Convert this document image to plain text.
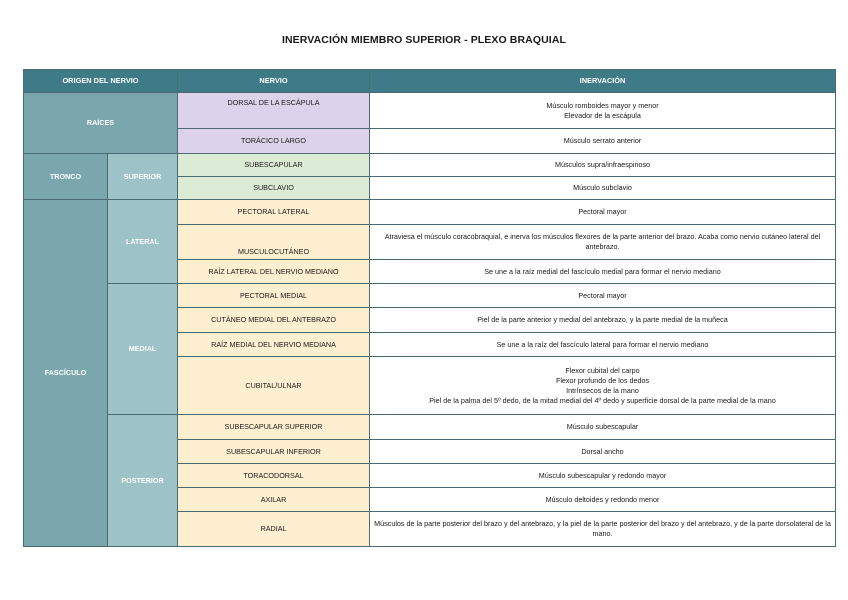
INERVACIÓN MIEMBRO SUPERIOR - PLEXO BRAQUIAL
ORIGEN DEL NERVIO		NERVIO	INERVACIÓN
RAÍCES		DORSAL DE LA ESCÁPULA	Músculo romboides mayor y menor
Elevador de la escápula

		TORÁCICO LARGO	Músculo serrato anterior

TRONCO	SUPERIOR	SUBESCAPULAR	Músculos supra/infraespinoso

		SUBCLAVIO	Músculo subclavio

FASCÍCULO	LATERAL	PECTORAL LATERAL	Pectoral mayor

		MUSCULOCUTÁNEO	Atraviesa el músculo coracobraquial, e inerva los músculos flexores de la parte anterior del brazo. Acaba como nervio cutáneo lateral del antebrazo.

		RAÍZ LATERAL DEL NERVIO MEDIANO	Se une a la raíz medial del fascículo medial para formar el nervio mediano

	MEDIAL	PECTORAL MEDIAL	Pectoral mayor

		CUTÁNEO MEDIAL DEL ANTEBRAZO	Piel de la parte anterior y medial del antebrazo, y la parte medial de la muñeca

		RAÍZ MEDIAL DEL NERVIO MEDIANA	Se une a la raíz del fascículo lateral para formar el nervio mediano

		CUBITAL/ULNAR	Flexor cubital del carpo
Flexor profundo de los dedos
Intrínsecos de la mano
Piel de la palma del 5º dedo, de la mitad medial del 4º dedo y superficie dorsal de la parte medial de la mano

	POSTERIOR	SUBESCAPULAR SUPERIOR	Músculo subescapular

		SUBESCAPULAR INFERIOR	Dorsal ancho

		TORACODORSAL	Músculo subescapular y redondo mayor

		AXILAR	Músculo deltoides y redondo menor

		RADIAL	Músculos de la parte posterior del brazo y del antebrazo, y la piel de la parte posterior del brazo y del antebrazo, y de la parte dorsolateral de la mano.
